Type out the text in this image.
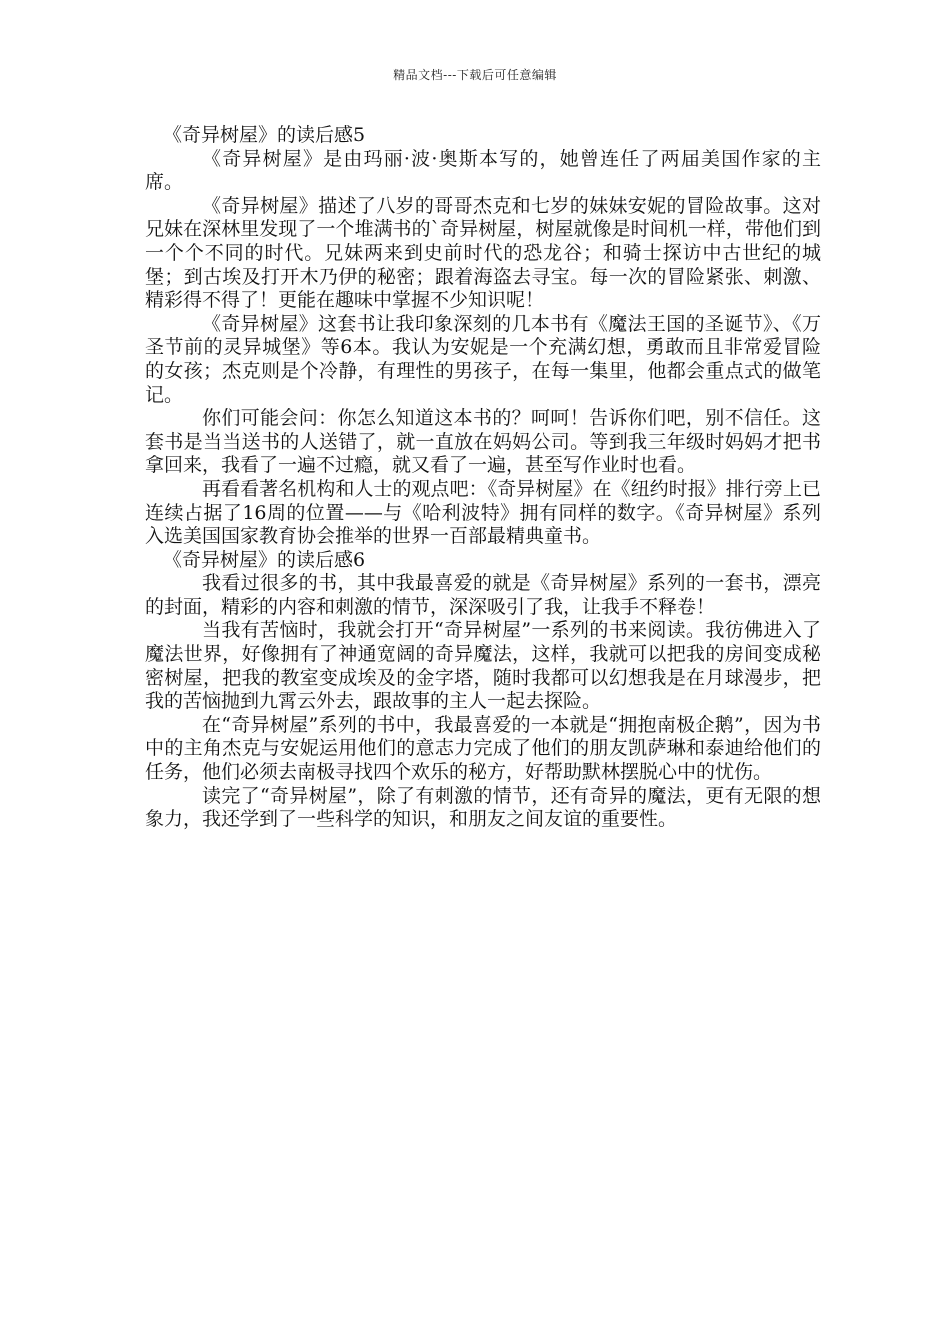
精品文档---下载后可任意编辑

《奇异树屋》的读后感5

《奇异树屋》是由玛丽·波·奥斯本写的，她曾连任了两届美国作家的主席。

《奇异树屋》描述了八岁的哥哥杰克和七岁的妹妹安妮的冒险故事。这对兄妹在深林里发现了一个堆满书的`奇异树屋，树屋就像是时间机一样，带他们到一个个不同的时代。兄妹两来到史前时代的恐龙谷；和骑士探访中古世纪的城堡；到古埃及打开木乃伊的秘密；跟着海盗去寻宝。每一次的冒险紧张、刺激、精彩得不得了！更能在趣味中掌握不少知识呢！

《奇异树屋》这套书让我印象深刻的几本书有《魔法王国的圣诞节》、《万圣节前的灵异城堡》等6本。我认为安妮是一个充满幻想，勇敢而且非常爱冒险的女孩；杰克则是个冷静，有理性的男孩子，在每一集里，他都会重点式的做笔记。

你们可能会问：你怎么知道这本书的？呵呵！告诉你们吧，别不信任。这套书是当当送书的人送错了，就一直放在妈妈公司。等到我三年级时妈妈才把书拿回来，我看了一遍不过瘾，就又看了一遍，甚至写作业时也看。

再看看著名机构和人士的观点吧：《奇异树屋》在《纽约时报》排行旁上已连续占据了16周的位置——与《哈利波特》拥有同样的数字。《奇异树屋》系列入选美国国家教育协会推举的世界一百部最精典童书。

《奇异树屋》的读后感6

我看过很多的书，其中我最喜爱的就是《奇异树屋》系列的一套书，漂亮的封面，精彩的内容和刺激的情节，深深吸引了我，让我手不释卷！

当我有苦恼时，我就会打开“奇异树屋”一系列的书来阅读。我彷佛进入了魔法世界，好像拥有了神通宽阔的奇异魔法，这样，我就可以把我的房间变成秘密树屋，把我的教室变成埃及的金字塔，随时我都可以幻想我是在月球漫步，把我的苦恼抛到九霄云外去，跟故事的主人一起去探险。

在“奇异树屋”系列的书中，我最喜爱的一本就是“拥抱南极企鹅”，因为书中的主角杰克与安妮运用他们的意志力完成了他们的朋友凯萨琳和泰迪给他们的任务，他们必须去南极寻找四个欢乐的秘方，好帮助默林摆脱心中的忧伤。

读完了“奇异树屋”，除了有刺激的情节，还有奇异的魔法，更有无限的想象力，我还学到了一些科学的知识，和朋友之间友谊的重要性。
